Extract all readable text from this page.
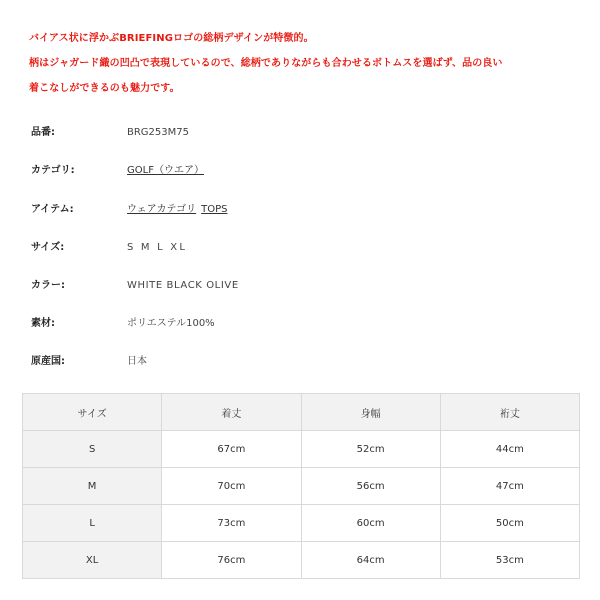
バイアス状に浮かぶBRIEFINGロゴの総柄デザインが特徴的。
柄はジャガード織の凹凸で表現しているので、総柄でありながらも合わせるボトムスを選ばず、品の良い
着こなしができるのも魅力です。
品番:	BRG253M75
カテゴリ:	GOLF（ウエア）
アイテム:	ウェアカテゴリ TOPS
サイズ:	S M L XL
カラー:	WHITE BLACK OLIVE
素材:	ポリエステル100%
原産国:	日本
サイズ	着丈	身幅	裄丈
S	67cm	52cm	44cm
M	70cm	56cm	47cm
L	73cm	60cm	50cm
XL	76cm	64cm	53cm
